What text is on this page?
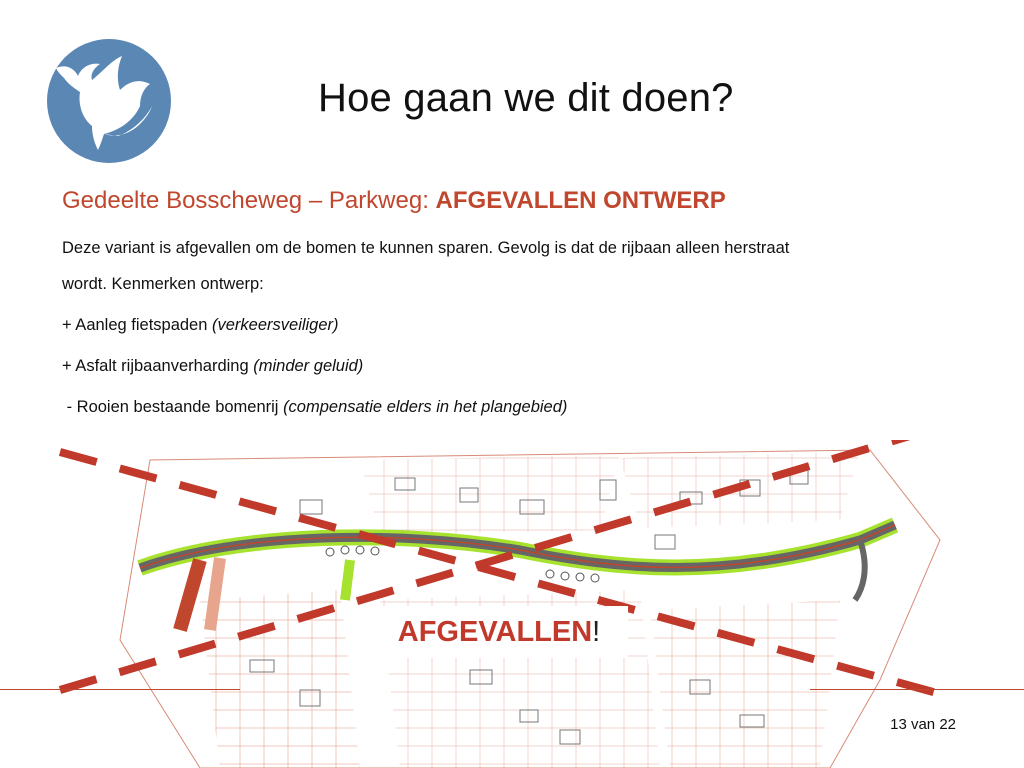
Hoe gaan we dit doen?
Gedeelte Bosscheweg – Parkweg: AFGEVALLEN ONTWERP

Deze variant is afgevallen om de bomen te kunnen sparen. Gevolg is dat de rijbaan alleen herstraat

wordt. Kenmerken ontwerp:

+ Aanleg fietspaden (verkeersveiliger)

+ Asfalt rijbaanverharding (minder geluid)

- Rooien bestaande bomenrij (compensatie elders in het plangebied)

AFGEVALLEN !
13 van 22
